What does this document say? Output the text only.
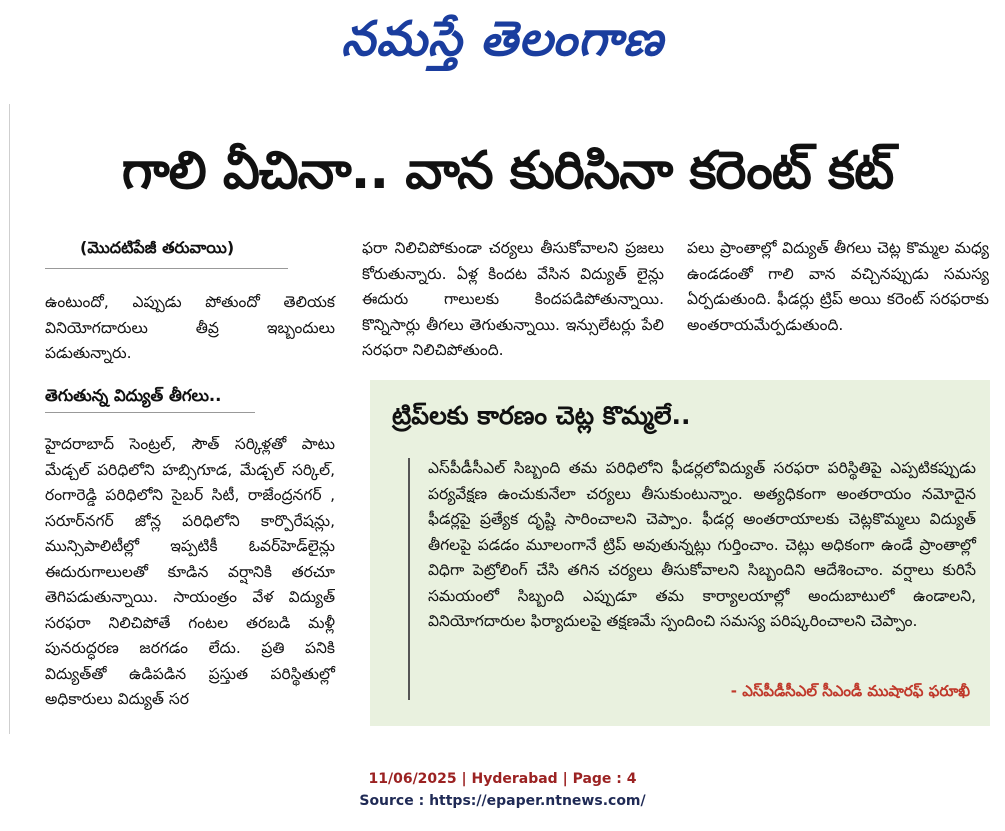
నమస్తే తెలంగాణ
గాలి వీచినా.. వాన కురిసినా కరెంట్ కట్
(మొదటిపేజీ తరువాయి)

ఉంటుందో, ఎప్పుడు పోతుందో తెలియక వినియోగదారులు తీవ్ర ఇబ్బందులు పడుతున్నారు.

తెగుతున్న విద్యుత్ తీగలు..

హైదరాబాద్ సెంట్రల్, సౌత్ సర్కిళ్లతో పాటు మేడ్చల్ పరిధిలోని హబ్సిగూడ, మేడ్చల్ సర్కిల్, రంగారెడ్డి పరిధిలోని సైబర్ సిటీ, రాజేంద్రనగర్ , సరూర్‌నగర్ జోన్ల పరిధిలోని కార్పొరేషన్లు, మున్సిపాలిటీల్లో ఇప్పటికీ ఓవర్‌హెడ్‌లైన్లు ఈదురుగాలులతో కూడిన వర్షానికి తరచూ తెగిపడుతున్నాయి. సాయంత్రం వేళ విద్యుత్ సరఫరా నిలిచిపోతే గంటల తరబడి మళ్లీ పునరుద్ధరణ జరగడం లేదు. ప్రతి పనికి విద్యుత్‌తో ఉడిపడిన ప్రస్తుత పరిస్థితుల్లో అధికారులు విద్యుత్ సర

ఫరా నిలిచిపోకుండా చర్యలు తీసుకోవాలని ప్రజలు కోరుతున్నారు. ఏళ్ల కిందట వేసిన విద్యుత్ లైన్లు ఈదురు గాలులకు కిందపడిపోతున్నాయి. కొన్నిసార్లు తీగలు తెగుతున్నాయి. ఇన్సులేటర్లు పేలి సరఫరా నిలిచిపోతుంది.

పలు ప్రాంతాల్లో విద్యుత్ తీగలు చెట్ల కొమ్మల మధ్య ఉండడంతో గాలి వాన వచ్చినప్పుడు సమస్య ఏర్పడుతుంది. ఫీడర్లు ట్రిప్ అయి కరెంట్ సరఫరాకు అంతరాయమేర్పడుతుంది.

ట్రిప్‌లకు కారణం చెట్ల కొమ్మలే..
ఎస్‌పీడీసీఎల్ సిబ్బంది తమ పరిధిలోని ఫీడర్లలోవిద్యుత్ సరఫరా పరిస్థితిపై ఎప్పటికప్పుడు పర్యవేక్షణ ఉంచుకునేలా చర్యలు తీసుకుంటున్నాం. అత్యధికంగా అంతరాయం నమోదైన ఫీడర్లపై ప్రత్యేక దృష్టి సారించాలని చెప్పాం. ఫీడర్ల అంతరాయాలకు చెట్లకొమ్మలు విద్యుత్ తీగలపై పడడం మూలంగానే ట్రిప్ అవుతున్నట్లు గుర్తించాం. చెట్లు అధికంగా ఉండే ప్రాంతాల్లో విధిగా పెట్రోలింగ్ చేసి తగిన చర్యలు తీసుకోవాలని సిబ్బందిని ఆదేశించాం. వర్షాలు కురిసే సమయంలో సిబ్బంది ఎప్పుడూ తమ కార్యాలయాల్లో అందుబాటులో ఉండాలని, వినియోగదారుల ఫిర్యాదులపై తక్షణమే స్పందించి సమస్య పరిష్కరించాలని చెప్పాం.
- ఎస్‌పీడీసీఎల్ సీఎండీ ముషారఫ్ ఫరూఖీ
11/06/2025 | Hyderabad | Page : 4
Source : https://epaper.ntnews.com/
